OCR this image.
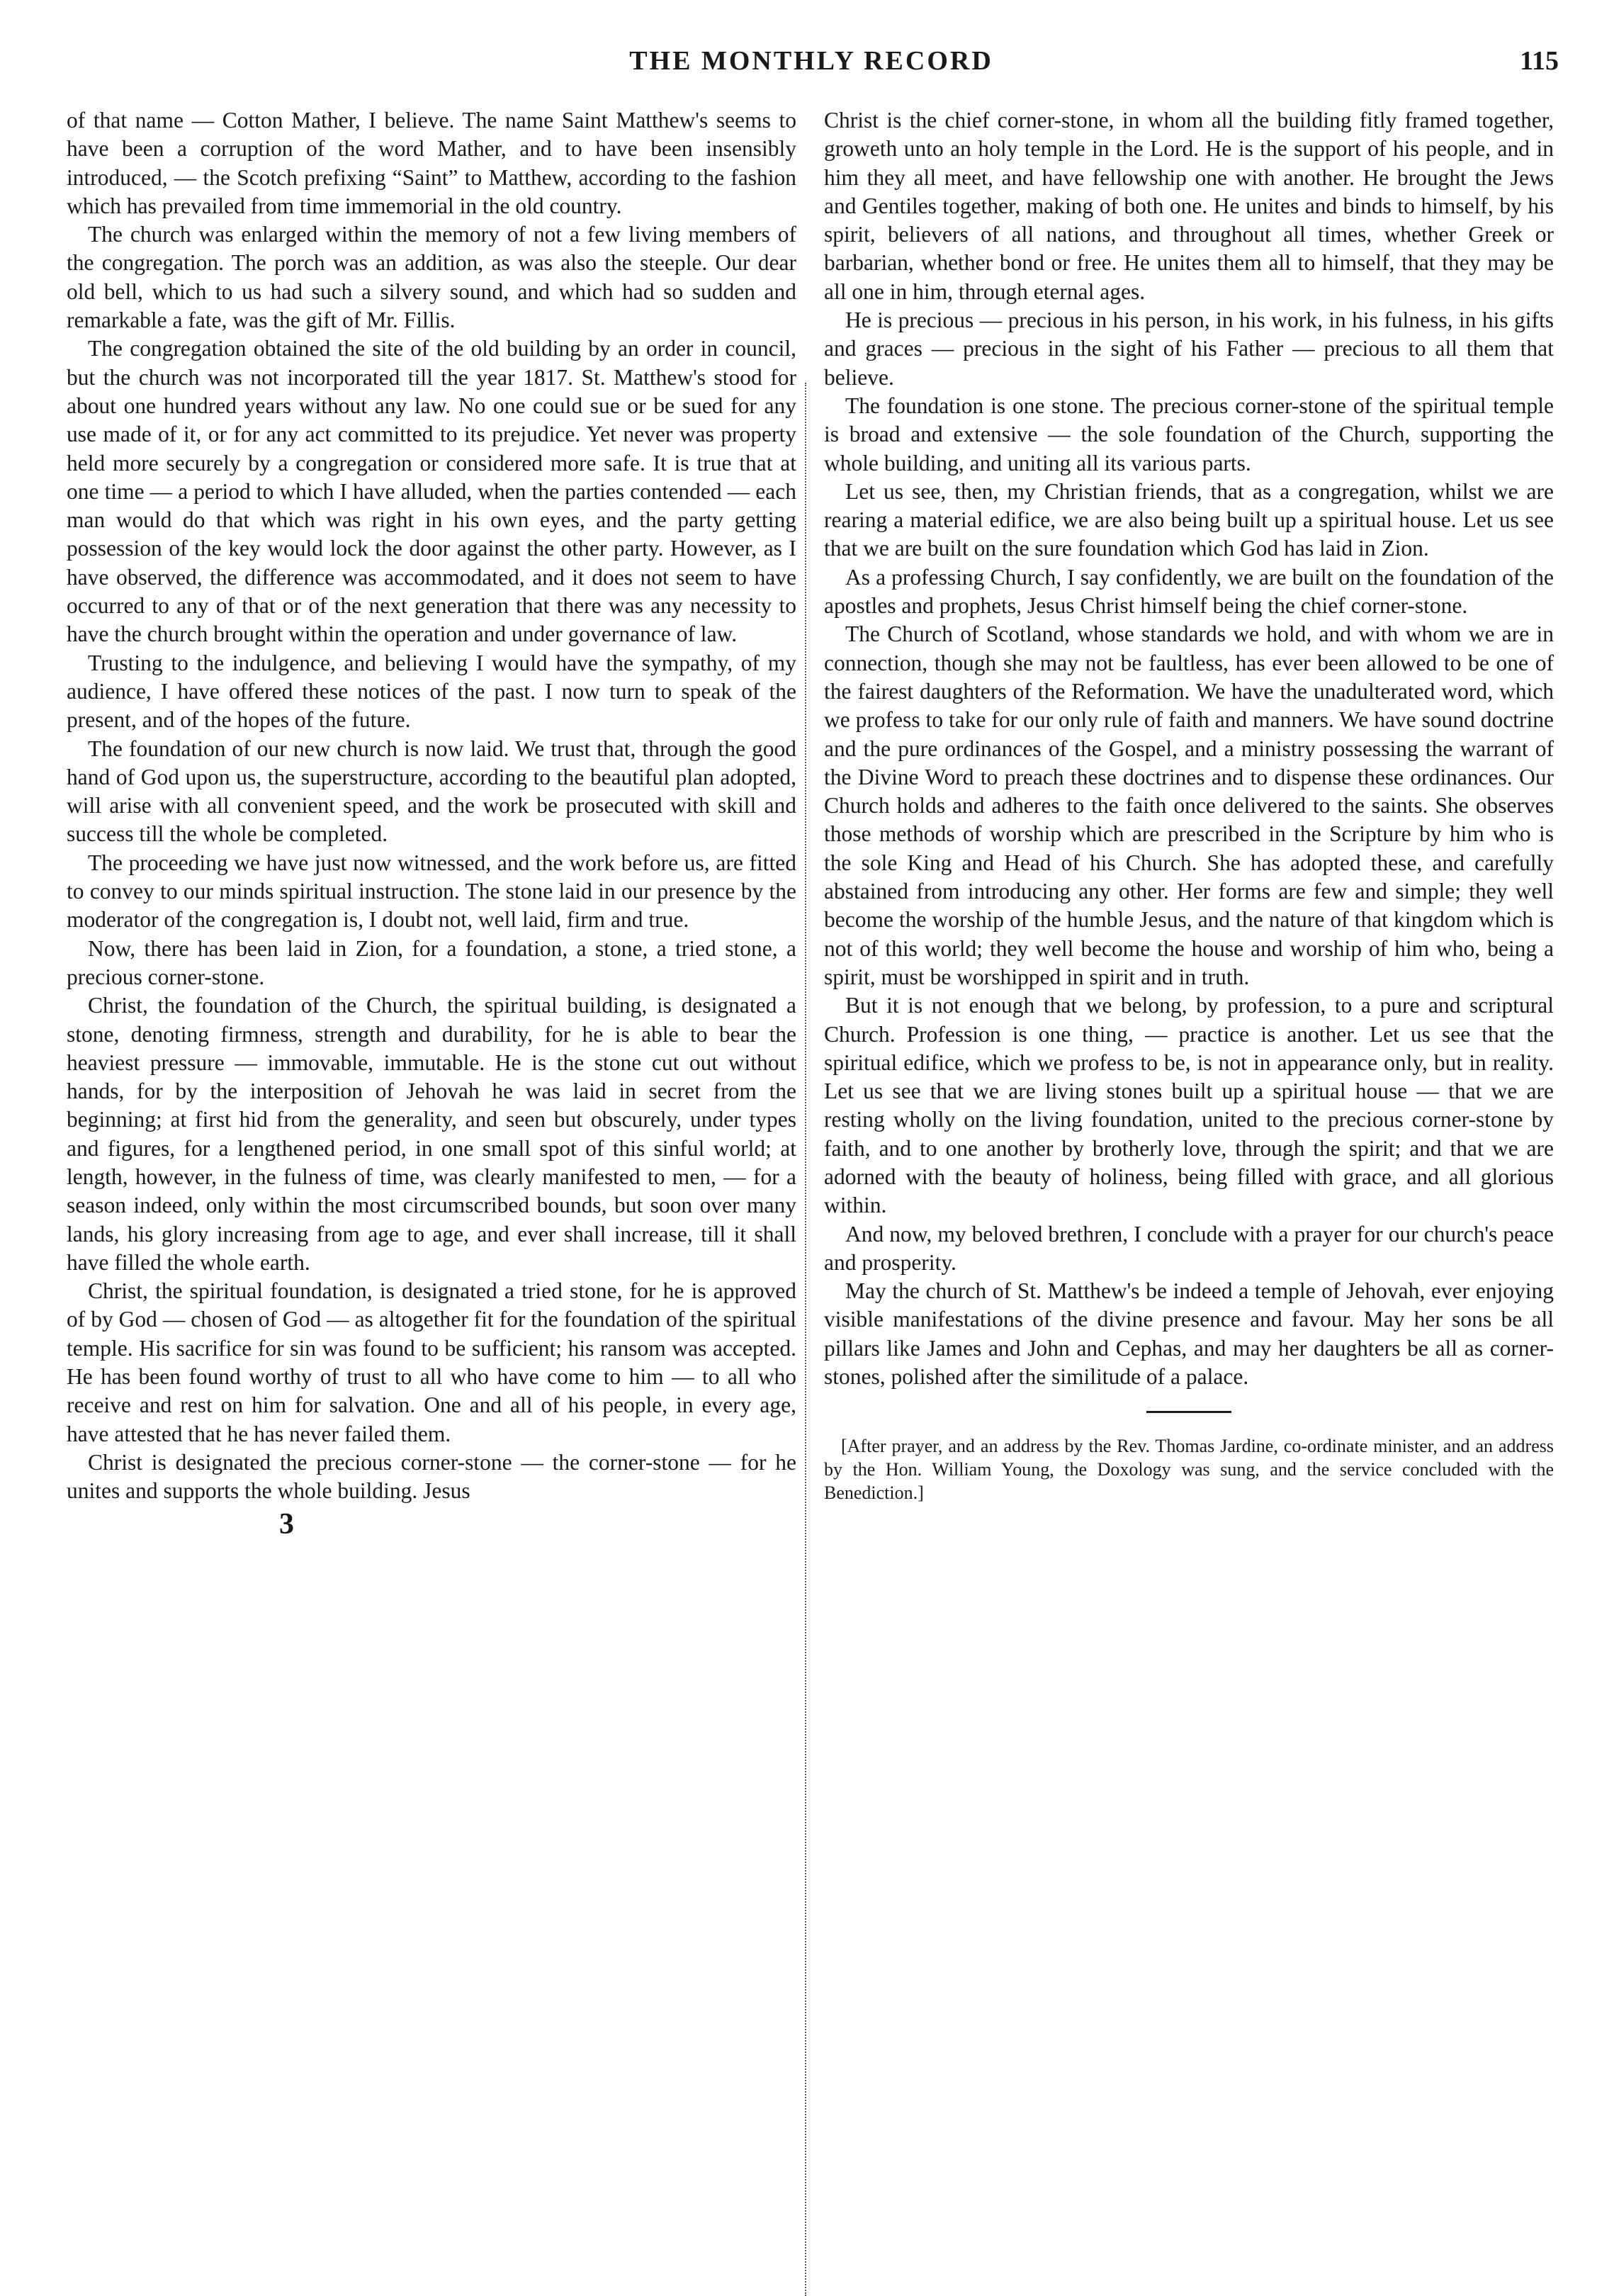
THE MONTHLY RECORD	115

of that name — Cotton Mather, I believe. The name Saint Matthew's seems to have been a corruption of the word Mather, and to have been insensibly introduced, — the Scotch prefixing “Saint” to Matthew, according to the fashion which has prevailed from time immemorial in the old country.

The church was enlarged within the memory of not a few living members of the congregation. The porch was an addition, as was also the steeple. Our dear old bell, which to us had such a silvery sound, and which had so sudden and remarkable a fate, was the gift of Mr. Fillis.

The congregation obtained the site of the old building by an order in council, but the church was not incorporated till the year 1817. St. Matthew's stood for about one hundred years without any law. No one could sue or be sued for any use made of it, or for any act committed to its prejudice. Yet never was property held more securely by a congregation or considered more safe. It is true that at one time — a period to which I have alluded, when the parties contended — each man would do that which was right in his own eyes, and the party getting possession of the key would lock the door against the other party. However, as I have observed, the difference was accommodated, and it does not seem to have occurred to any of that or of the next generation that there was any necessity to have the church brought within the operation and under governance of law.

Trusting to the indulgence, and believing I would have the sympathy, of my audience, I have offered these notices of the past. I now turn to speak of the present, and of the hopes of the future.

The foundation of our new church is now laid. We trust that, through the good hand of God upon us, the superstructure, according to the beautiful plan adopted, will arise with all convenient speed, and the work be prosecuted with skill and success till the whole be completed.

The proceeding we have just now witnessed, and the work before us, are fitted to convey to our minds spiritual instruction. The stone laid in our presence by the moderator of the congregation is, I doubt not, well laid, firm and true.

Now, there has been laid in Zion, for a foundation, a stone, a tried stone, a precious corner-stone.

Christ, the foundation of the Church, the spiritual building, is designated a stone, denoting firmness, strength and durability, for he is able to bear the heaviest pressure — immovable, immutable. He is the stone cut out without hands, for by the interposition of Jehovah he was laid in secret from the beginning; at first hid from the generality, and seen but obscurely, under types and figures, for a lengthened period, in one small spot of this sinful world; at length, however, in the fulness of time, was clearly manifested to men, — for a season indeed, only within the most circumscribed bounds, but soon over many lands, his glory increasing from age to age, and ever shall increase, till it shall have filled the whole earth.

Christ, the spiritual foundation, is designated a tried stone, for he is approved of by God — chosen of God — as altogether fit for the foundation of the spiritual temple. His sacrifice for sin was found to be sufficient; his ransom was accepted. He has been found worthy of trust to all who have come to him — to all who receive and rest on him for salvation. One and all of his people, in every age, have attested that he has never failed them.

Christ is designated the precious corner-stone — the corner-stone — for he unites and supports the whole building. Jesus

3

Christ is the chief corner-stone, in whom all the building fitly framed together, groweth unto an holy temple in the Lord. He is the support of his people, and in him they all meet, and have fellowship one with another. He brought the Jews and Gentiles together, making of both one. He unites and binds to himself, by his spirit, believers of all nations, and throughout all times, whether Greek or barbarian, whether bond or free. He unites them all to himself, that they may be all one in him, through eternal ages.

He is precious — precious in his person, in his work, in his fulness, in his gifts and graces — precious in the sight of his Father — precious to all them that believe.

The foundation is one stone. The precious corner-stone of the spiritual temple is broad and extensive — the sole foundation of the Church, supporting the whole building, and uniting all its various parts.

Let us see, then, my Christian friends, that as a congregation, whilst we are rearing a material edifice, we are also being built up a spiritual house. Let us see that we are built on the sure foundation which God has laid in Zion.

As a professing Church, I say confidently, we are built on the foundation of the apostles and prophets, Jesus Christ himself being the chief corner-stone.

The Church of Scotland, whose standards we hold, and with whom we are in connection, though she may not be faultless, has ever been allowed to be one of the fairest daughters of the Reformation. We have the unadulterated word, which we profess to take for our only rule of faith and manners. We have sound doctrine and the pure ordinances of the Gospel, and a ministry possessing the warrant of the Divine Word to preach these doctrines and to dispense these ordinances. Our Church holds and adheres to the faith once delivered to the saints. She observes those methods of worship which are prescribed in the Scripture by him who is the sole King and Head of his Church. She has adopted these, and carefully abstained from introducing any other. Her forms are few and simple; they well become the worship of the humble Jesus, and the nature of that kingdom which is not of this world; they well become the house and worship of him who, being a spirit, must be worshipped in spirit and in truth.

But it is not enough that we belong, by profession, to a pure and scriptural Church. Profession is one thing, — practice is another. Let us see that the spiritual edifice, which we profess to be, is not in appearance only, but in reality. Let us see that we are living stones built up a spiritual house — that we are resting wholly on the living foundation, united to the precious corner-stone by faith, and to one another by brotherly love, through the spirit; and that we are adorned with the beauty of holiness, being filled with grace, and all glorious within.

And now, my beloved brethren, I conclude with a prayer for our church's peace and prosperity.

May the church of St. Matthew's be indeed a temple of Jehovah, ever enjoying visible manifestations of the divine presence and favour. May her sons be all pillars like James and John and Cephas, and may her daughters be all as corner-stones, polished after the similitude of a palace.

[After prayer, and an address by the Rev. Thomas Jardine, co-ordinate minister, and an address by the Hon. William Young, the Doxology was sung, and the service concluded with the Benediction.]
